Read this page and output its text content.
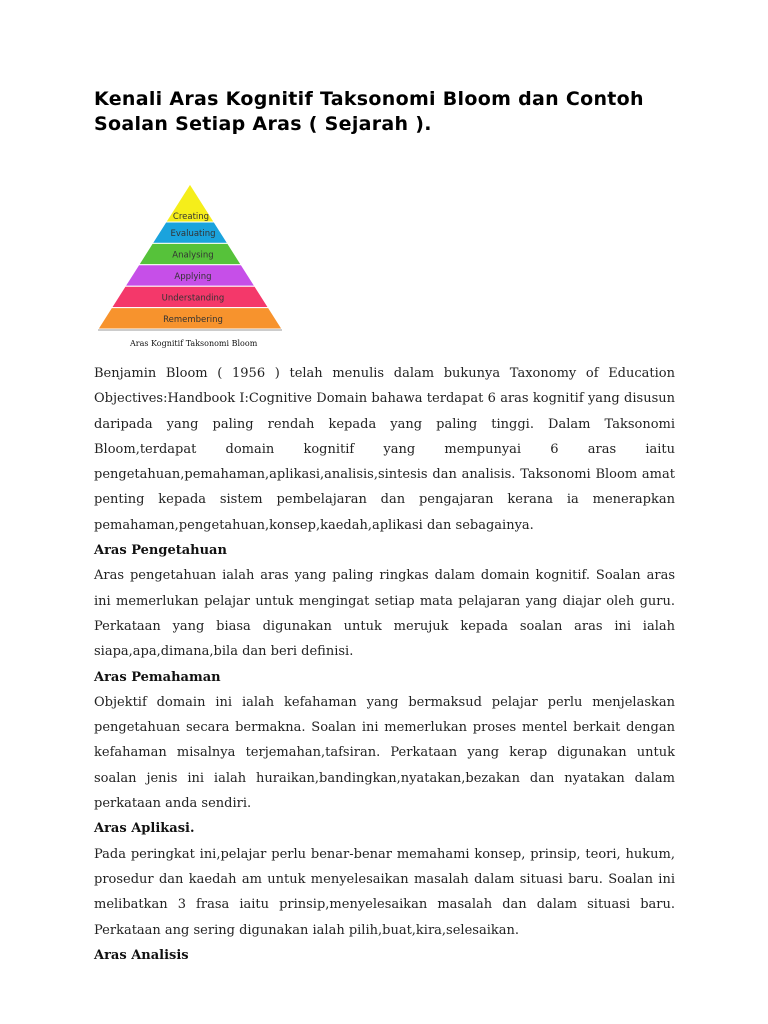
Kenali Aras Kognitif Taksonomi Bloom dan Contoh Soalan Setiap Aras ( Sejarah ).
Creating
Evaluating
Analysing
Applying
Understanding
Remembering
Aras Kognitif Taksonomi Bloom

Benjamin Bloom ( 1956 ) telah menulis dalam bukunya Taxonomy of Education Objectives:Handbook I:Cognitive Domain bahawa terdapat 6 aras kognitif yang disusun daripada yang paling rendah kepada yang paling tinggi. Dalam Taksonomi Bloom,terdapat domain kognitif yang mempunyai 6 aras iaitu pengetahuan,pemahaman,aplikasi,analisis,sintesis dan analisis. Taksonomi Bloom amat penting kepada sistem pembelajaran dan pengajaran kerana ia menerapkan pemahaman,pengetahuan,konsep,kaedah,aplikasi dan sebagainya.

Aras Pengetahuan

Aras pengetahuan ialah aras yang paling ringkas dalam domain kognitif. Soalan aras ini memerlukan pelajar untuk mengingat setiap mata pelajaran yang diajar oleh guru. Perkataan yang biasa digunakan untuk merujuk kepada soalan aras ini ialah siapa,apa,dimana,bila dan beri definisi.

Aras Pemahaman

Objektif domain ini ialah kefahaman yang bermaksud pelajar perlu menjelaskan pengetahuan secara bermakna. Soalan ini memerlukan proses mentel berkait dengan kefahaman misalnya terjemahan,tafsiran. Perkataan yang kerap digunakan untuk soalan jenis ini ialah huraikan,bandingkan,nyatakan,bezakan dan nyatakan dalam perkataan anda sendiri.

Aras Aplikasi.

Pada peringkat ini,pelajar perlu benar-benar memahami konsep, prinsip, teori, hukum, prosedur dan kaedah am untuk menyelesaikan masalah dalam situasi baru. Soalan ini melibatkan 3 frasa iaitu prinsip,menyelesaikan masalah dan dalam situasi baru. Perkataan ang sering digunakan ialah pilih,buat,kira,selesaikan.

Aras Analisis
